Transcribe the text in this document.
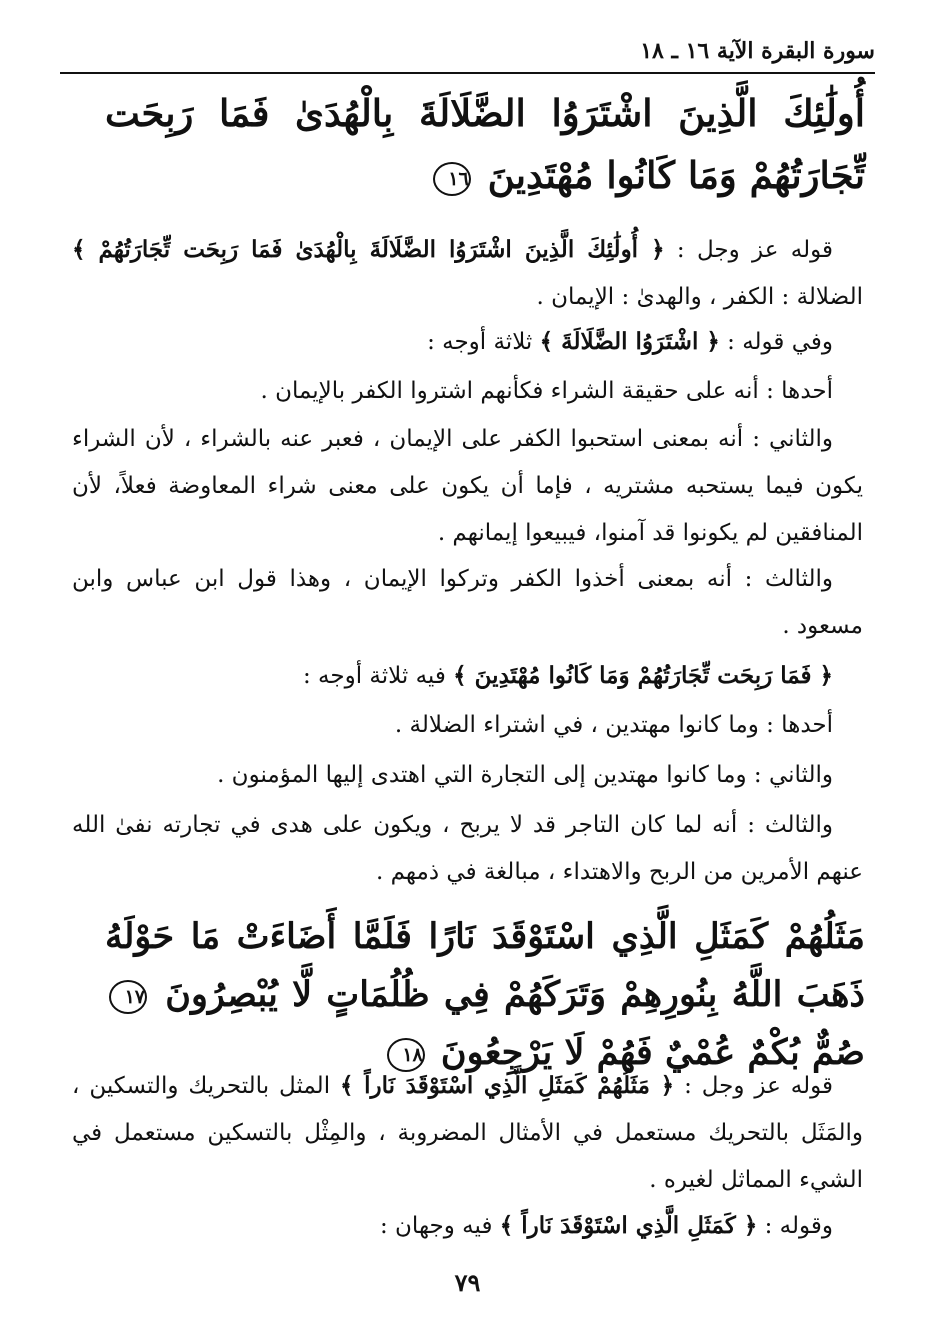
سورة البقرة الآية ١٦ ـ ١٨
أُولَٰئِكَ الَّذِينَ اشْتَرَوُا الضَّلَالَةَ بِالْهُدَىٰ فَمَا رَبِحَت تِّجَارَتُهُمْ وَمَا كَانُوا مُهْتَدِينَ ١٦
قوله عز وجل : ﴿ أُولَٰئِكَ الَّذِينَ اشْتَرَوُا الضَّلَالَةَ بِالْهُدَىٰ فَمَا رَبِحَت تِّجَارَتُهُمْ ﴾ الضلالة : الكفر ، والهدىٰ : الإيمان .
وفي قوله : ﴿ اشْتَرَوُا الضَّلَالَةَ ﴾ ثلاثة أوجه :
أحدها : أنه على حقيقة الشراء فكأنهم اشتروا الكفر بالإيمان .
والثاني : أنه بمعنى استحبوا الكفر على الإيمان ، فعبر عنه بالشراء ، لأن الشراء يكون فيما يستحبه مشتريه ، فإما أن يكون على معنى شراء المعاوضة فعلاً، لأن المنافقين لم يكونوا قد آمنوا، فيبيعوا إيمانهم .
والثالث : أنه بمعنى أخذوا الكفر وتركوا الإيمان ، وهذا قول ابن عباس وابن مسعود .
﴿ فَمَا رَبِحَت تِّجَارَتُهُمْ وَمَا كَانُوا مُهْتَدِينَ ﴾ فيه ثلاثة أوجه :
أحدها : وما كانوا مهتدين ، في اشتراء الضلالة .
والثاني : وما كانوا مهتدين إلى التجارة التي اهتدى إليها المؤمنون .
والثالث : أنه لما كان التاجر قد لا يربح ، ويكون على هدى في تجارته نفىٰ الله عنهم الأمرين من الربح والاهتداء ، مبالغة في ذمهم .
مَثَلُهُمْ كَمَثَلِ الَّذِي اسْتَوْقَدَ نَارًا فَلَمَّا أَضَاءَتْ مَا حَوْلَهُ ذَهَبَ اللَّهُ بِنُورِهِمْ وَتَرَكَهُمْ فِي ظُلُمَاتٍ لَّا يُبْصِرُونَ ١٧ صُمٌّ بُكْمٌ عُمْيٌ فَهُمْ لَا يَرْجِعُونَ ١٨
قوله عز وجل : ﴿ مَثَلُهُمْ كَمَثَلِ الَّذِي اسْتَوْقَدَ نَاراً ﴾ المثل بالتحريك والتسكين ، والمَثَل بالتحريك مستعمل في الأمثال المضروبة ، والمِثْل بالتسكين مستعمل في الشيء المماثل لغيره .
وقوله : ﴿ كَمَثَلِ الَّذِي اسْتَوْقَدَ نَاراً ﴾ فيه وجهان :
٧٩
